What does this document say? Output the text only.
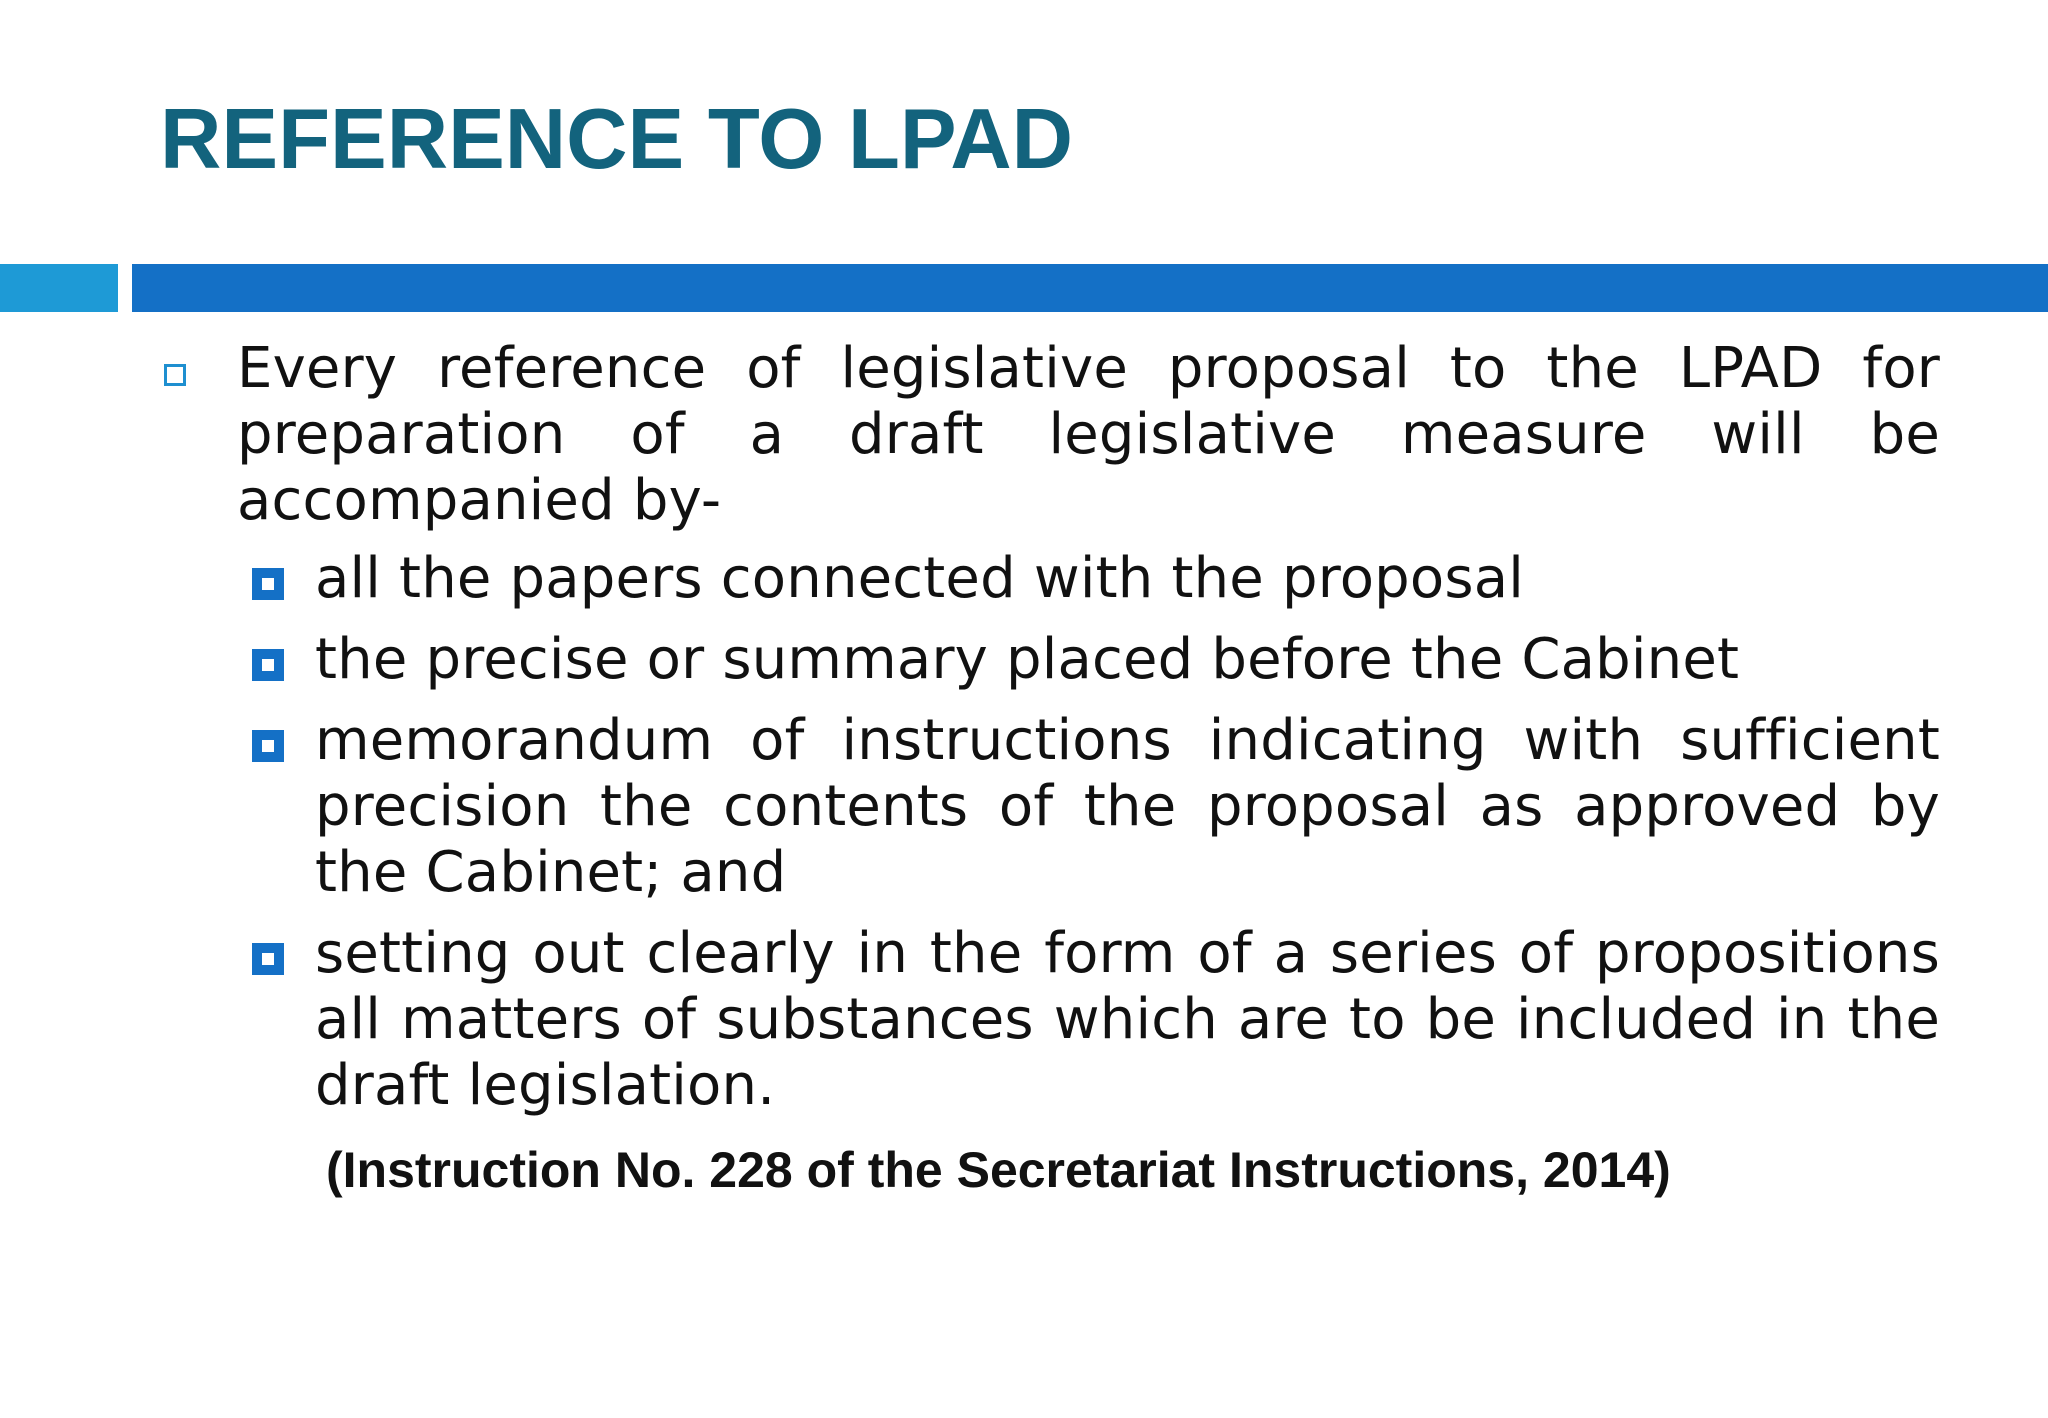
REFERENCE TO LPAD
Every reference of legislative proposal to the LPAD for preparation of a draft legislative measure will be accompanied by-
all the papers connected with the proposal
the precise or summary placed before the Cabinet
memorandum of instructions indicating with sufficient precision the contents of the proposal as approved by the Cabinet; and
setting out clearly in the form of a series of propositions all matters of substances which are to be included in the draft legislation.
(Instruction No. 228 of the Secretariat Instructions, 2014)
